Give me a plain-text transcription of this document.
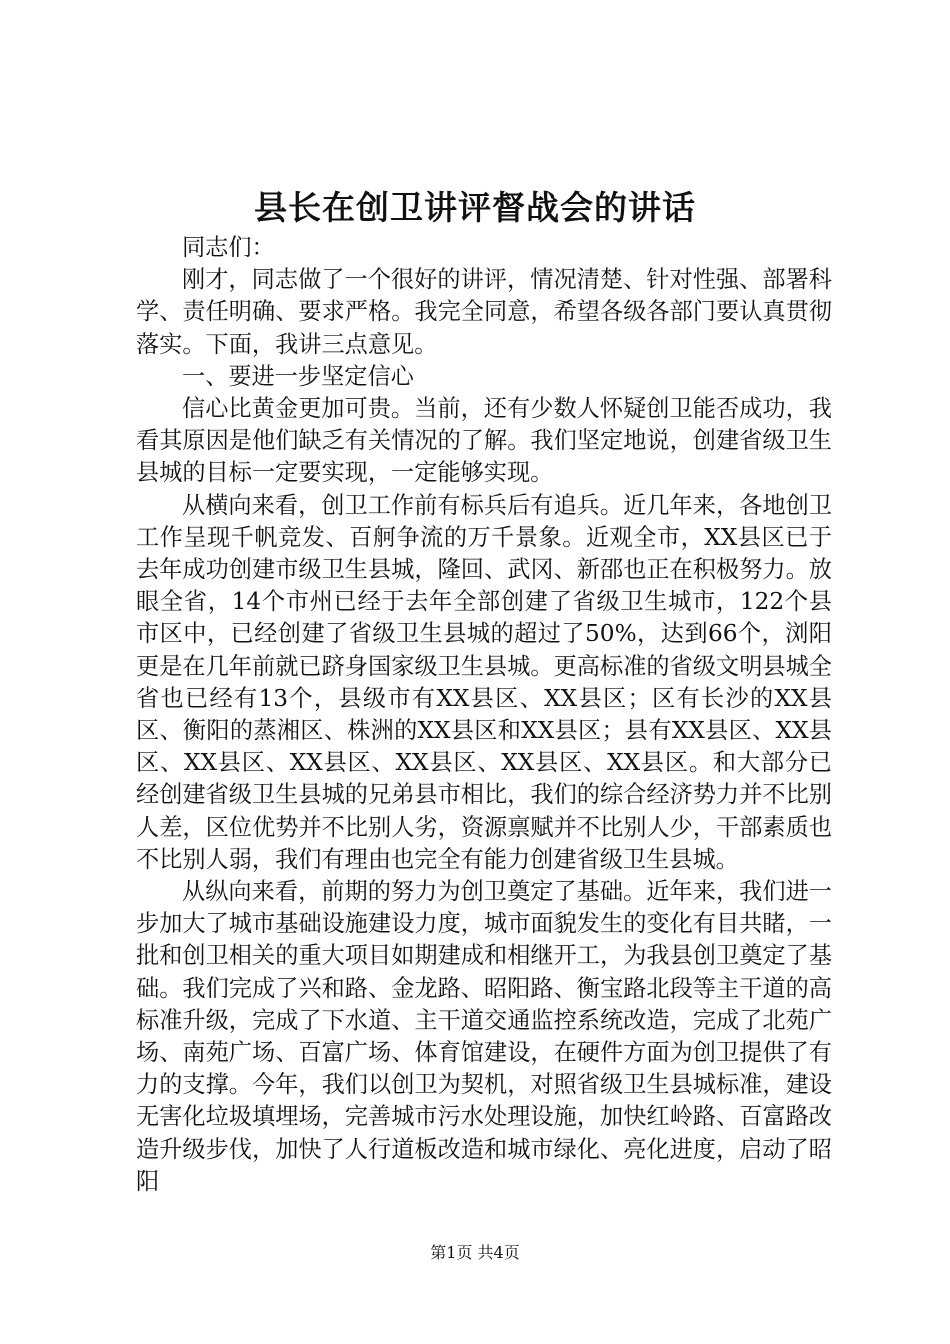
县长在创卫讲评督战会的讲话

同志们：

刚才，同志做了一个很好的讲评，情况清楚、针对性强、部署科学、责任明确、要求严格。我完全同意，希望各级各部门要认真贯彻落实。下面，我讲三点意见。

一、要进一步坚定信心

信心比黄金更加可贵。当前，还有少数人怀疑创卫能否成功，我看其原因是他们缺乏有关情况的了解。我们坚定地说，创建省级卫生县城的目标一定要实现，一定能够实现。

从横向来看，创卫工作前有标兵后有追兵。近几年来，各地创卫工作呈现千帆竞发、百舸争流的万千景象。近观全市，XX县区已于去年成功创建市级卫生县城，隆回、武冈、新邵也正在积极努力。放眼全省，14个市州已经于去年全部创建了省级卫生城市，122个县市区中，已经创建了省级卫生县城的超过了50%，达到66个，浏阳更是在几年前就已跻身国家级卫生县城。更高标准的省级文明县城全省也已经有13个，县级市有XX县区、XX县区；区有长沙的XX县区、衡阳的蒸湘区、株洲的XX县区和XX县区；县有XX县区、XX县区、XX县区、XX县区、XX县区、XX县区、XX县区。和大部分已经创建省级卫生县城的兄弟县市相比，我们的综合经济势力并不比别人差，区位优势并不比别人劣，资源禀赋并不比别人少，干部素质也不比别人弱，我们有理由也完全有能力创建省级卫生县城。

从纵向来看，前期的努力为创卫奠定了基础。近年来，我们进一步加大了城市基础设施建设力度，城市面貌发生的变化有目共睹，一批和创卫相关的重大项目如期建成和相继开工，为我县创卫奠定了基础。我们完成了兴和路、金龙路、昭阳路、衡宝路北段等主干道的高标准升级，完成了下水道、主干道交通监控系统改造，完成了北苑广场、南苑广场、百富广场、体育馆建设，在硬件方面为创卫提供了有力的支撑。今年，我们以创卫为契机，对照省级卫生县城标准，建设无害化垃圾填埋场，完善城市污水处理设施，加快红岭路、百富路改造升级步伐，加快了人行道板改造和城市绿化、亮化进度，启动了昭阳

第1页 共4页
